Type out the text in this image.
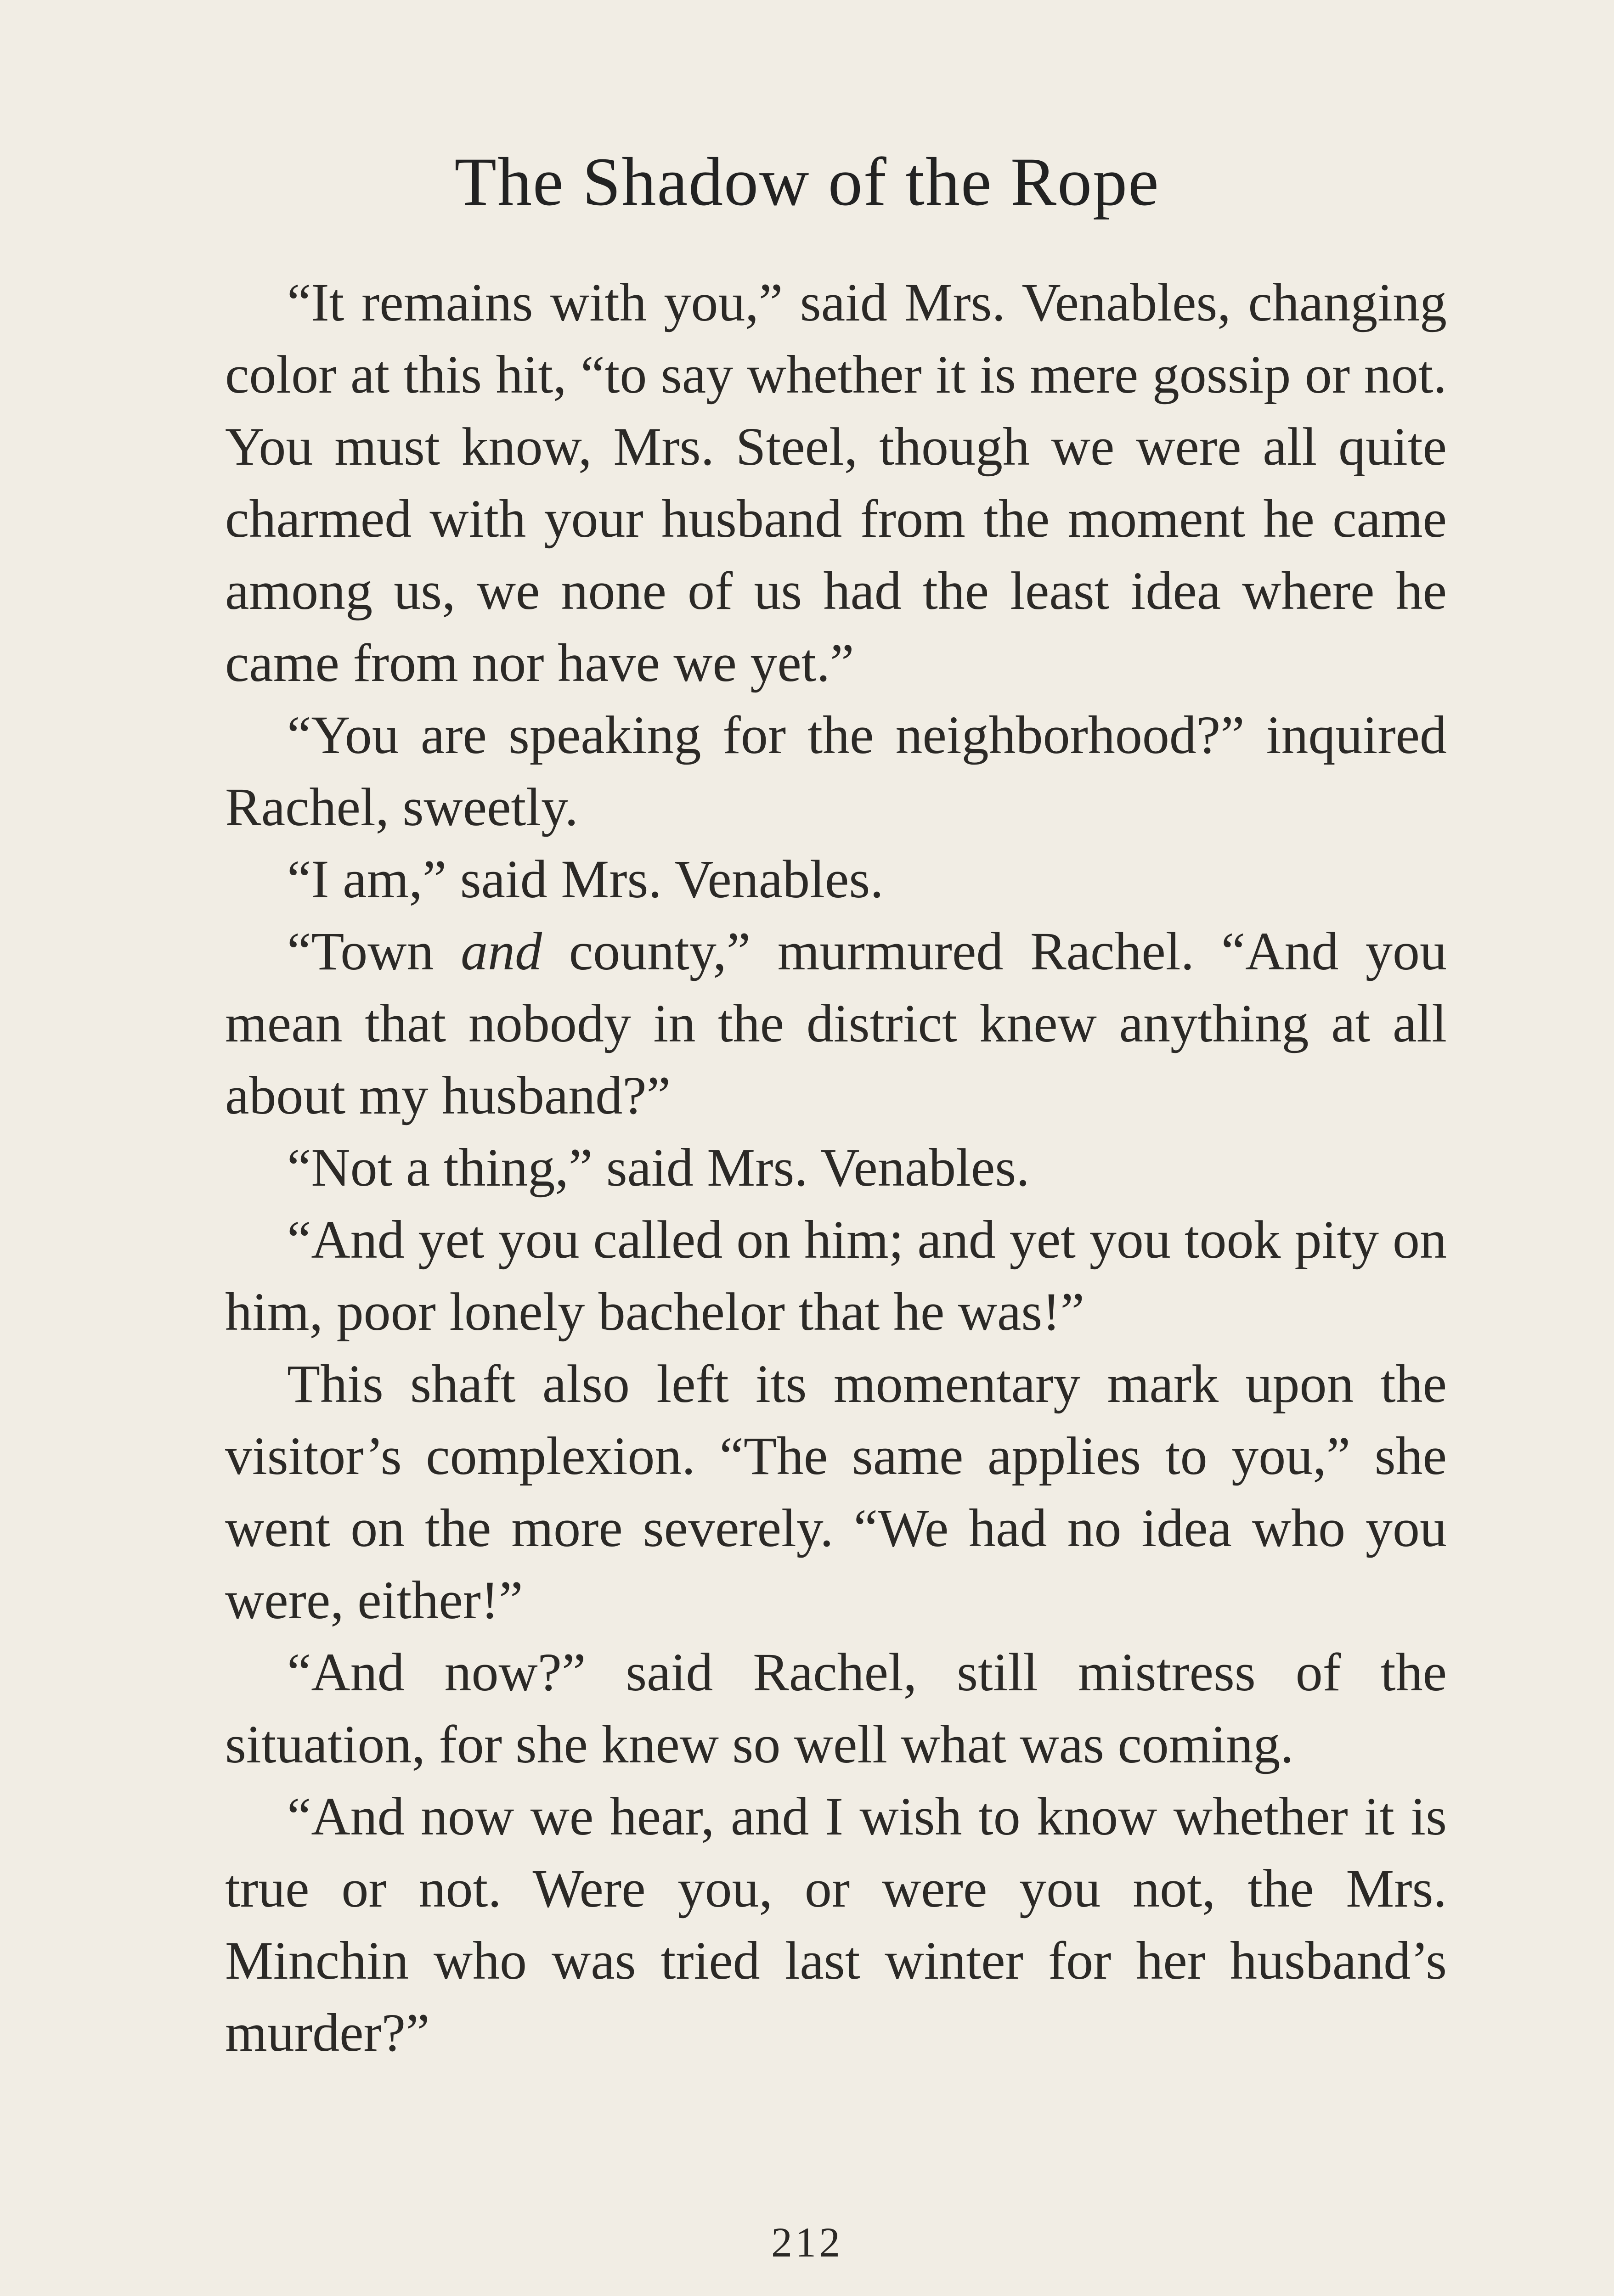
The Shadow of the Rope

“It remains with you,” said Mrs. Venables, changing color at this hit, “to say whether it is mere gossip or not. You must know, Mrs. Steel, though we were all quite charmed with your husband from the moment he came among us, we none of us had the least idea where he came from nor have we yet.”

“You are speaking for the neighborhood?” inquired Rachel, sweetly.

“I am,” said Mrs. Venables.

“Town and county,” murmured Rachel. “And you mean that nobody in the district knew anything at all about my husband?”

“Not a thing,” said Mrs. Venables.

“And yet you called on him; and yet you took pity on him, poor lonely bachelor that he was!”

This shaft also left its momentary mark upon the visitor’s complexion. “The same applies to you,” she went on the more severely. “We had no idea who you were, either!”

“And now?” said Rachel, still mistress of the situation, for she knew so well what was coming.

“And now we hear, and I wish to know whether it is true or not. Were you, or were you not, the Mrs. Minchin who was tried last winter for her husband’s murder?”

212
